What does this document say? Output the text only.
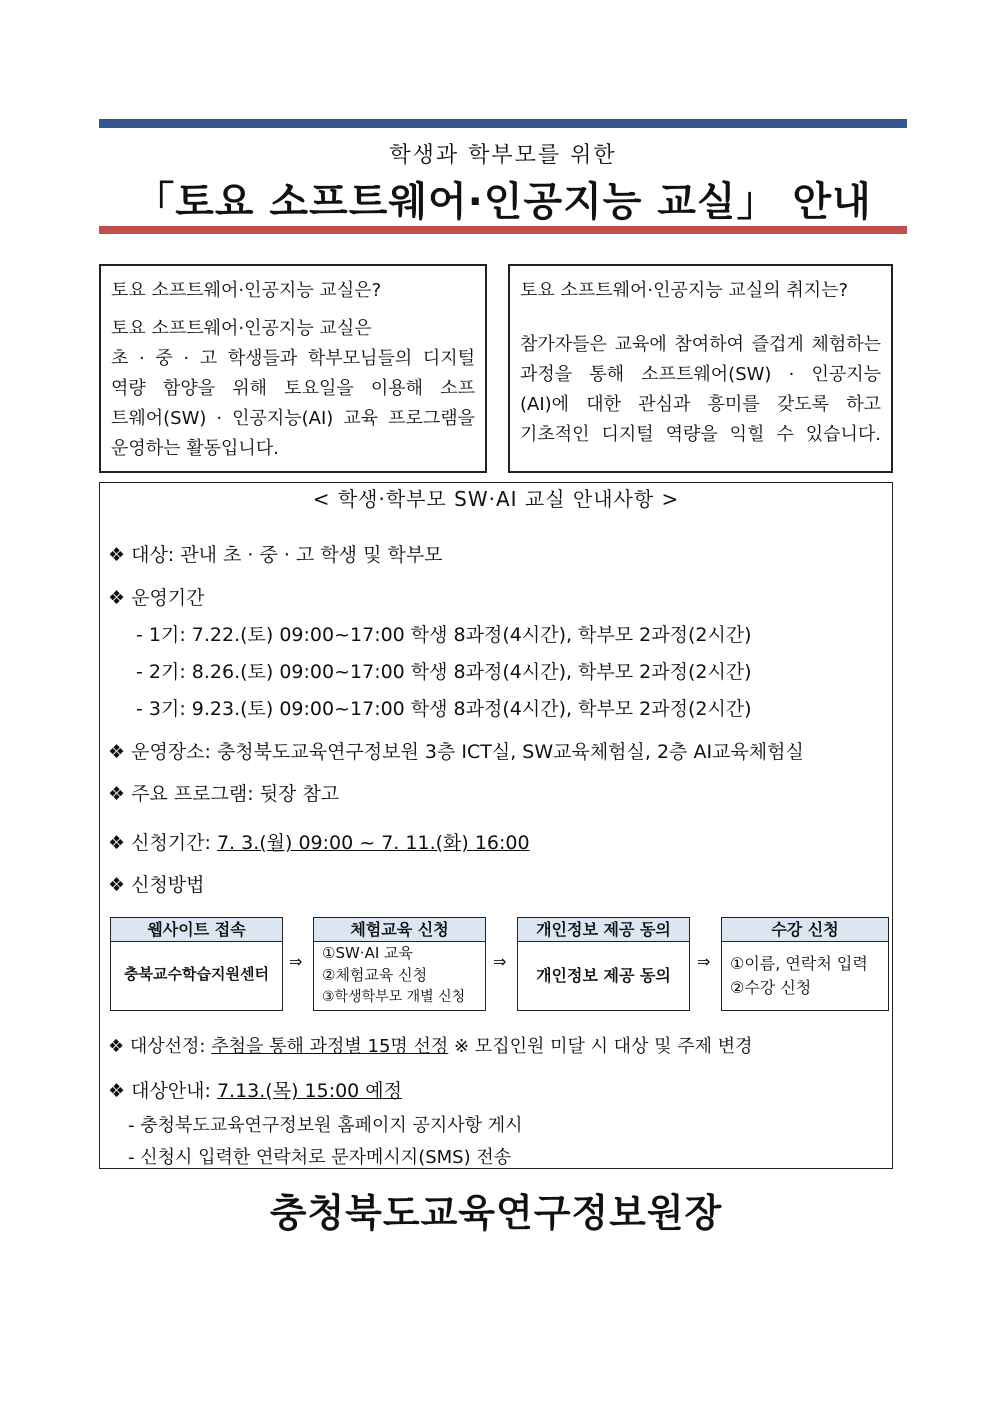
학생과 학부모를 위한
「토요 소프트웨어·인공지능 교실」 안내
토요 소프트웨어·인공지능 교실은?
토요 소프트웨어·인공지능 교실은
초 · 중 · 고 학생들과 학부모님들의 디지털
역량 함양을 위해 토요일을 이용해 소프
트웨어(SW) · 인공지능(AI) 교육 프로그램을
운영하는 활동입니다.
토요 소프트웨어·인공지능 교실의 취지는?
참가자들은 교육에 참여하여 즐겁게 체험하는
과정을 통해 소프트웨어(SW) · 인공지능
(AI)에 대한 관심과 흥미를 갖도록 하고
기초적인 디지털 역량을 익힐 수 있습니다.
< 학생·학부모 SW·AI 교실 안내사항 >
❖ 대상: 관내 초 · 중 · 고 학생 및 학부모
❖ 운영기간
- 1기: 7.22.(토) 09:00~17:00 학생 8과정(4시간), 학부모 2과정(2시간)
- 2기: 8.26.(토) 09:00~17:00 학생 8과정(4시간), 학부모 2과정(2시간)
- 3기: 9.23.(토) 09:00~17:00 학생 8과정(4시간), 학부모 2과정(2시간)
❖ 운영장소: 충청북도교육연구정보원 3층 ICT실, SW교육체험실, 2층 AI교육체험실
❖ 주요 프로그램: 뒷장 참고
❖ 신청기간: 7. 3.(월) 09:00 ~ 7. 11.(화) 16:00
❖ 신청방법
웹사이트 접속
충북교수학습지원센터
⇒
체험교육 신청
①SW·AI 교육
②체험교육 신청
③학생학부모 개별 신청
⇒
개인정보 제공 동의
개인정보 제공 동의
⇒
수강 신청
①이름, 연락처 입력
②수강 신청
❖ 대상선정: 추첨을 통해 과정별 15명 선정 ※ 모집인원 미달 시 대상 및 주제 변경
❖ 대상안내: 7.13.(목) 15:00 예정
- 충청북도교육연구정보원 홈페이지 공지사항 게시
- 신청시 입력한 연락처로 문자메시지(SMS) 전송
충청북도교육연구정보원장
